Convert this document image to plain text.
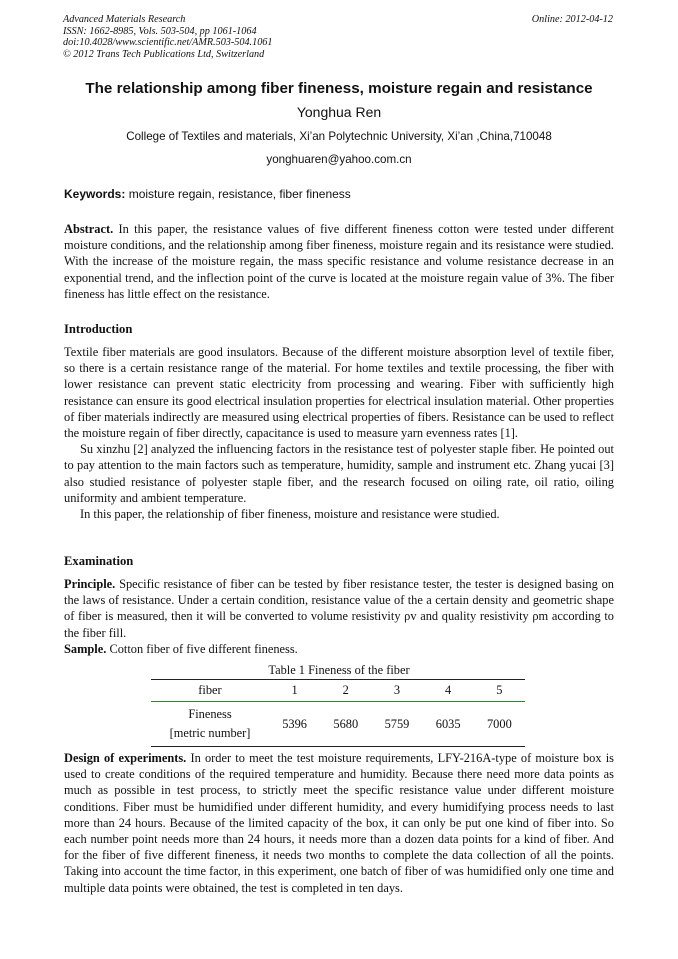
Advanced Materials Research
ISSN: 1662-8985, Vols. 503-504, pp 1061-1064
doi:10.4028/www.scientific.net/AMR.503-504.1061
© 2012 Trans Tech Publications Ltd, Switzerland
Online: 2012-04-12
The relationship among fiber fineness, moisture regain and resistance
Yonghua Ren
College of Textiles and materials, Xi’an Polytechnic University, Xi’an ,China,710048
yonghuaren@yahoo.com.cn
Keywords: moisture regain, resistance, fiber fineness

Abstract. In this paper, the resistance values of five different fineness cotton were tested under different moisture conditions, and the relationship among fiber fineness, moisture regain and its resistance were studied. With the increase of the moisture regain, the mass specific resistance and volume resistance decrease in an exponential trend, and the inflection point of the curve is located at the moisture regain value of 3%. The fiber fineness has little effect on the resistance.

Introduction

Textile fiber materials are good insulators. Because of the different moisture absorption level of textile fiber, so there is a certain resistance range of the material. For home textiles and textile processing, the fiber with lower resistance can prevent static electricity from processing and wearing. Fiber with sufficiently high resistance can ensure its good electrical insulation properties for electrical insulation material. Other properties of fiber materials indirectly are measured using electrical properties of fibers. Resistance can be used to reflect the moisture regain of fiber directly, capacitance is used to measure yarn evenness rates [1].

Su xinzhu [2] analyzed the influencing factors in the resistance test of polyester staple fiber. He pointed out to pay attention to the main factors such as temperature, humidity, sample and instrument etc. Zhang yucai [3] also studied resistance of polyester staple fiber, and the research focused on oiling rate, oil ratio, oiling uniformity and ambient temperature.

In this paper, the relationship of fiber fineness, moisture and resistance were studied.

Examination

Principle. Specific resistance of fiber can be tested by fiber resistance tester, the tester is designed basing on the laws of resistance. Under a certain condition, resistance value of the a certain density and geometric shape of fiber is measured, then it will be converted to volume resistivity ρv and quality resistivity ρm according to the fiber fill.

Sample. Cotton fiber of five different fineness.

Table 1 Fineness of the fiber
fiber	1	2	3	4	5

Fineness
[metric number]	5396	5680	5759	6035	7000

Design of experiments. In order to meet the test moisture requirements, LFY-216A-type of moisture box is used to create conditions of the required temperature and humidity. Because there need more data points as much as possible in test process, to strictly meet the specific resistance value under different moisture conditions. Fiber must be humidified under different humidity, and every humidifying process needs to last more than 24 hours. Because of the limited capacity of the box, it can only be put one kind of fiber into. So each number point needs more than 24 hours, it needs more than a dozen data points for a kind of fiber. And for the fiber of five different fineness, it needs two months to complete the data collection of all the points. Taking into account the time factor, in this experiment, one batch of fiber of was humidified only one time and multiple data points were obtained, the test is completed in ten days.
